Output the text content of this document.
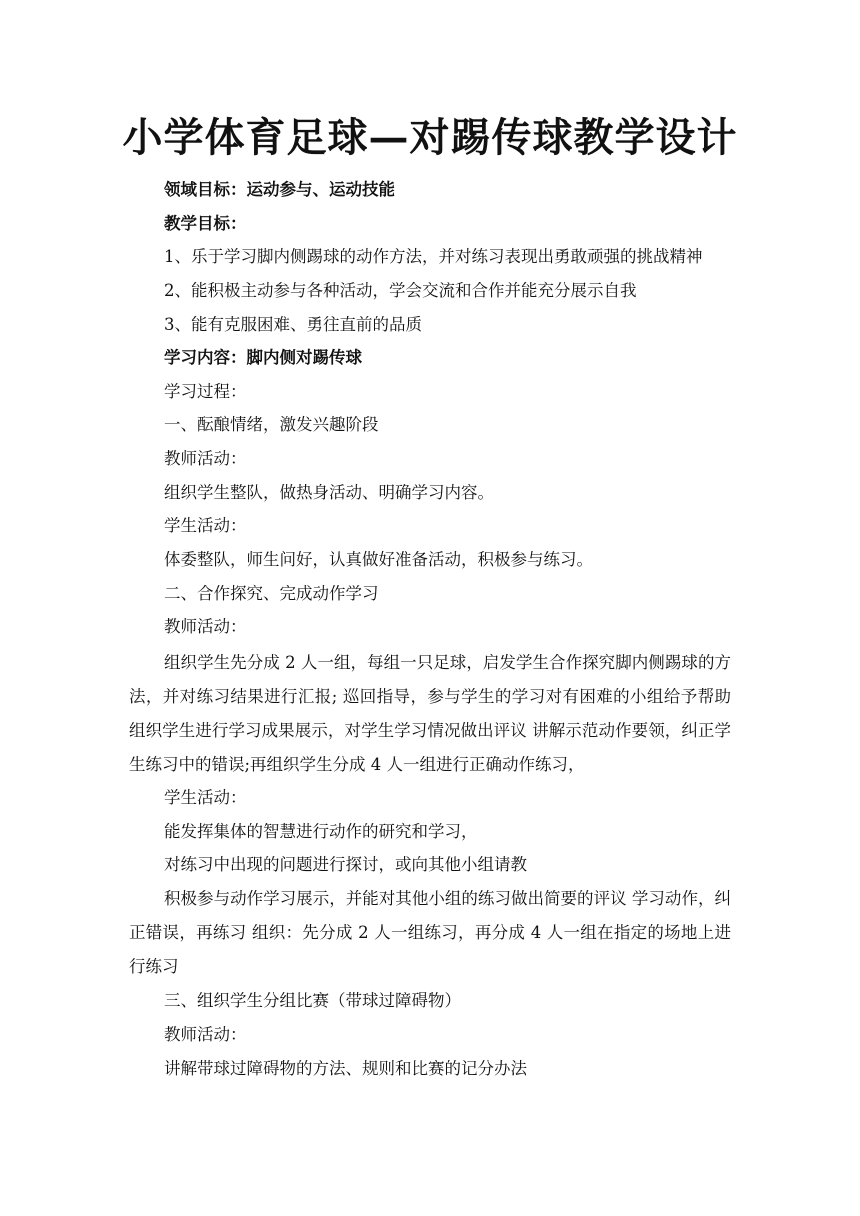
小学体育足球—对踢传球教学设计
领域目标：运动参与、运动技能
教学目标：
1、乐于学习脚内侧踢球的动作方法，并对练习表现出勇敢顽强的挑战精神
2、能积极主动参与各种活动，学会交流和合作并能充分展示自我
3、能有克服困难、勇往直前的品质
学习内容：脚内侧对踢传球
学习过程：
一、酝酿情绪，激发兴趣阶段
教师活动：
组织学生整队，做热身活动、明确学习内容。
学生活动：
体委整队，师生问好，认真做好准备活动，积极参与练习。
二、合作探究、完成动作学习
教师活动：
组织学生先分成 2 人一组，每组一只足球，启发学生合作探究脚内侧踢球的方法，并对练习结果进行汇报; 巡回指导，参与学生的学习对有困难的小组给予帮助 组织学生进行学习成果展示，对学生学习情况做出评议 讲解示范动作要领，纠正学生练习中的错误;再组织学生分成 4 人一组进行正确动作练习，
学生活动：
能发挥集体的智慧进行动作的研究和学习，
对练习中出现的问题进行探讨，或向其他小组请教
积极参与动作学习展示，并能对其他小组的练习做出简要的评议 学习动作，纠正错误，再练习 组织：先分成 2 人一组练习，再分成 4 人一组在指定的场地上进行练习
三、组织学生分组比赛（带球过障碍物）
教师活动：
讲解带球过障碍物的方法、规则和比赛的记分办法
